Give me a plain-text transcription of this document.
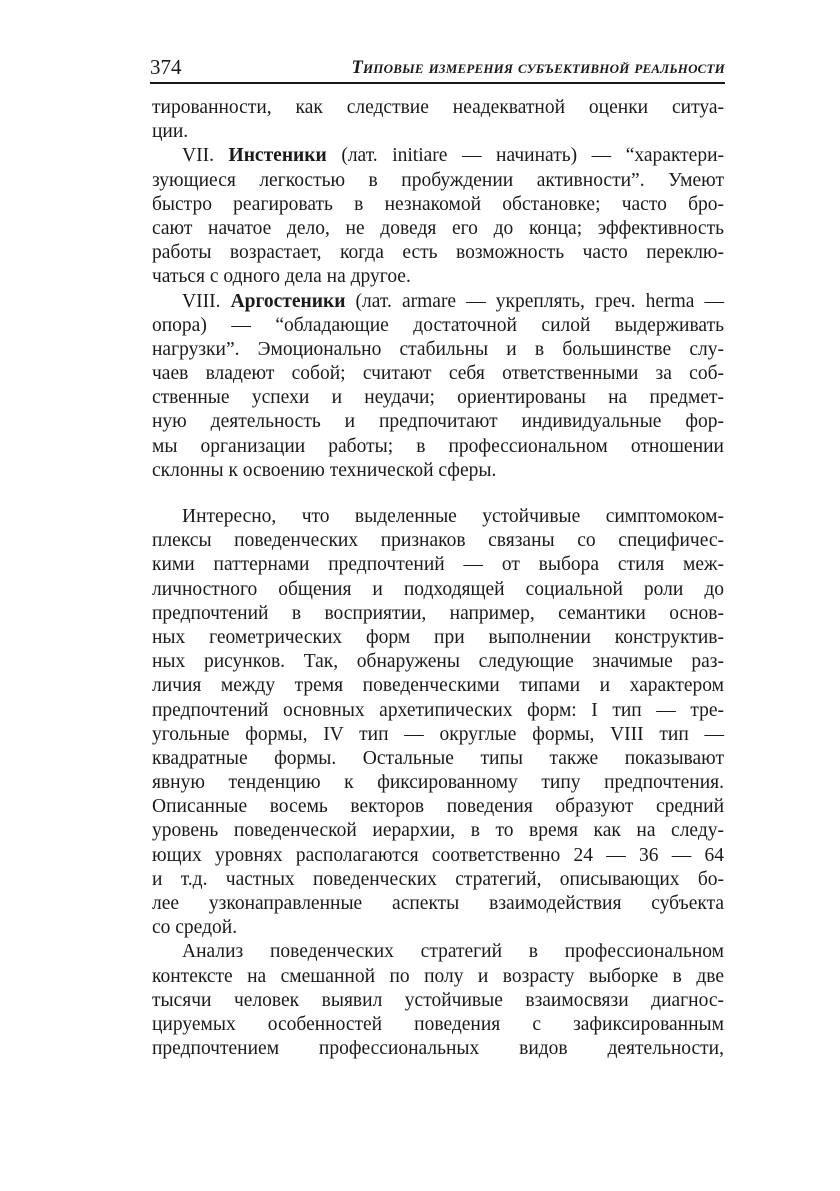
374	Типовые измерения субъективной реальности
тированности, как следствие неадекватной оценки ситуа-
ции.
VII. Инстеники (лат. initiare — начинать) — “характери-
зующиеся легкостью в пробуждении активности”. Умеют
быстро реагировать в незнакомой обстановке; часто бро-
сают начатое дело, не доведя его до конца; эффективность
работы возрастает, когда есть возможность часто переклю-
чаться с одного дела на другое.
VIII. Аргостеники (лат. armare — укреплять, греч. herma —
опора) — “обладающие достаточной силой выдерживать
нагрузки”. Эмоционально стабильны и в большинстве слу-
чаев владеют собой; считают себя ответственными за соб-
ственные успехи и неудачи; ориентированы на предмет-
ную деятельность и предпочитают индивидуальные фор-
мы организации работы; в профессиональном отношении
склонны к освоению технической сферы.
Интересно, что выделенные устойчивые симптомоком-
плексы поведенческих признаков связаны со специфичес-
кими паттернами предпочтений — от выбора стиля меж-
личностного общения и подходящей социальной роли до
предпочтений в восприятии, например, семантики основ-
ных геометрических форм при выполнении конструктив-
ных рисунков. Так, обнаружены следующие значимые раз-
личия между тремя поведенческими типами и характером
предпочтений основных архетипических форм: I тип — тре-
угольные формы, IV тип — округлые формы, VIII тип —
квадратные формы. Остальные типы также показывают
явную тенденцию к фиксированному типу предпочтения.
Описанные восемь векторов поведения образуют средний
уровень поведенческой иерархии, в то время как на следу-
ющих уровнях располагаются соответственно 24 — 36 — 64
и т.д. частных поведенческих стратегий, описывающих бо-
лее узконаправленные аспекты взаимодействия субъекта
со средой.
Анализ поведенческих стратегий в профессиональном
контексте на смешанной по полу и возрасту выборке в две
тысячи человек выявил устойчивые взаимосвязи диагнос-
цируемых особенностей поведения с зафиксированным
предпочтением профессиональных видов деятельности,
